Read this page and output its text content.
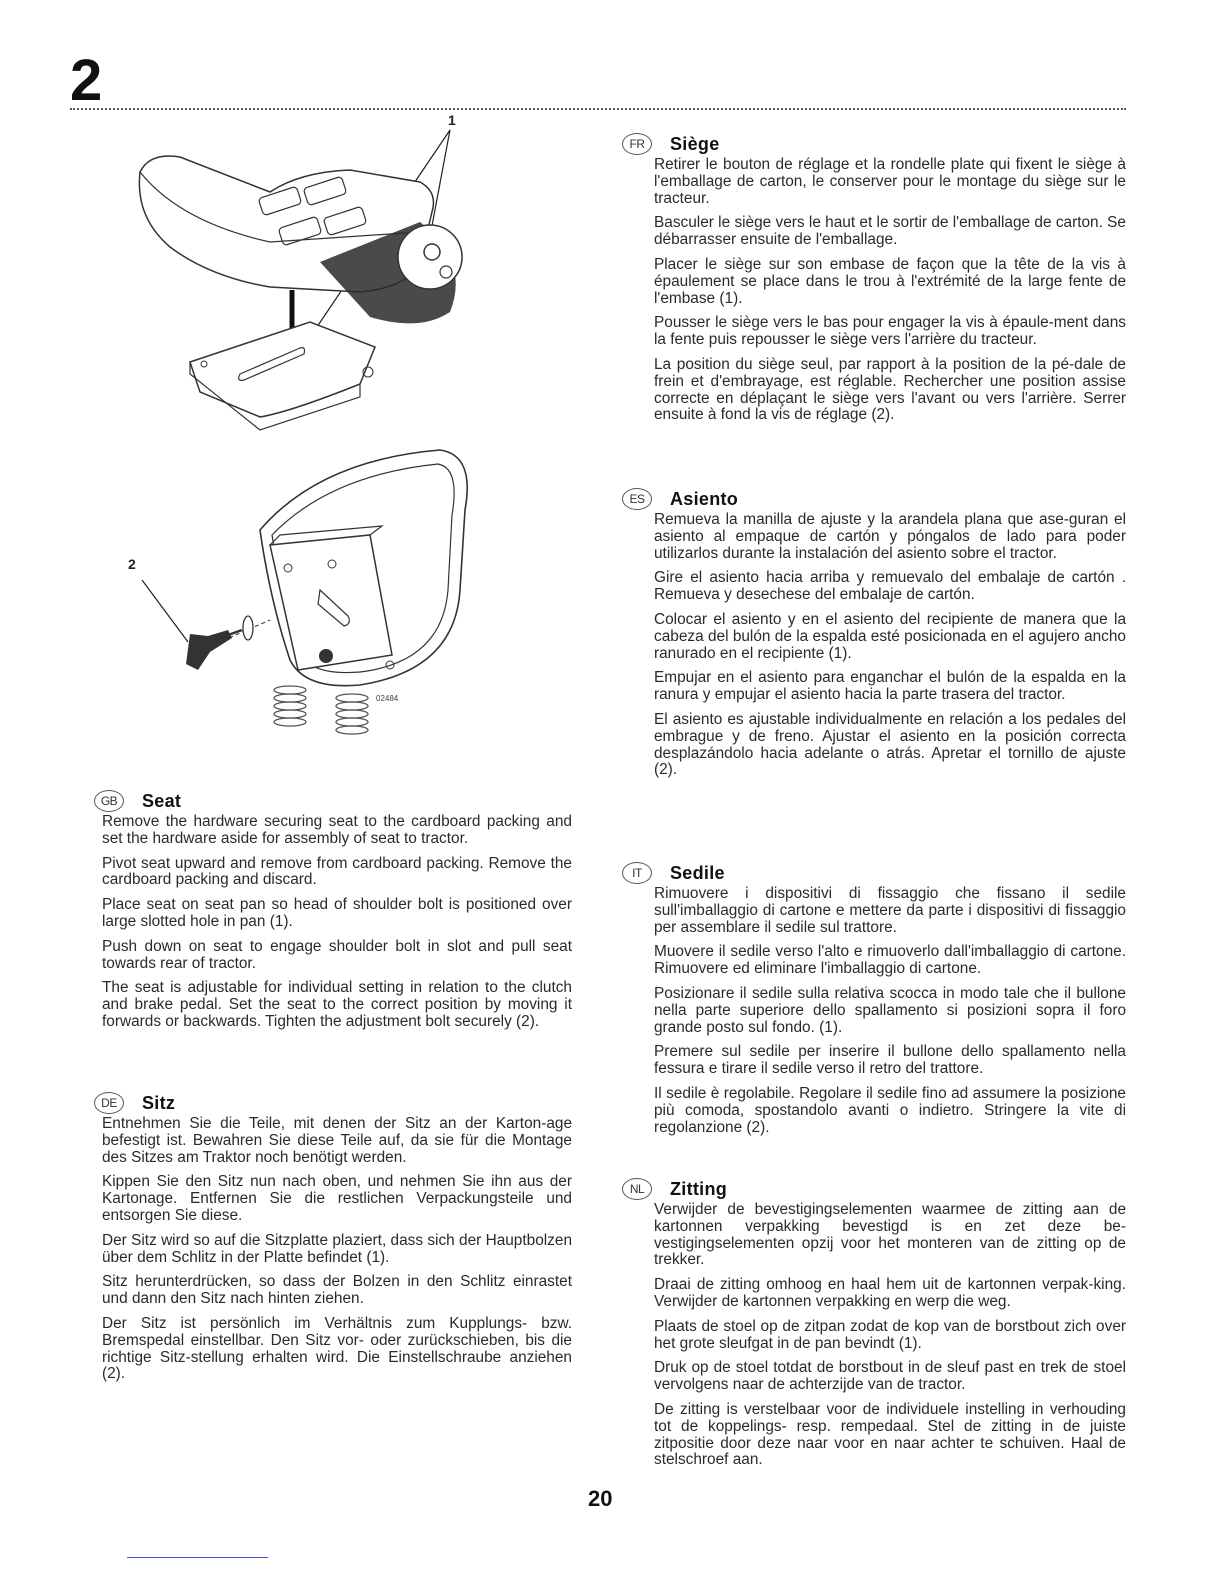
2
1
2
02484
GB	Seat

Remove the hardware securing seat to the cardboard packing and set the hardware aside for assembly of seat to tractor.

Pivot seat upward and remove from cardboard packing. Remove the cardboard packing and discard.

Place seat on seat pan so head of shoulder bolt is positioned over large slotted hole in pan (1).

Push down on seat to engage shoulder bolt in slot and pull seat towards rear of tractor.

The seat is adjustable for individual setting in relation to the clutch and brake pedal. Set the seat to the correct position by moving it forwards or backwards. Tighten the adjustment bolt securely (2).

DE	Sitz

Entnehmen Sie die Teile, mit denen der Sitz an der Karton-age befestigt ist. Bewahren Sie diese Teile auf, da sie für die Montage des Sitzes am Traktor noch benötigt werden.

Kippen Sie den Sitz nun nach oben, und nehmen Sie ihn aus der Kartonage. Entfernen Sie die restlichen Verpackungsteile und entsorgen Sie diese.

Der Sitz wird so auf die Sitzplatte plaziert, dass sich der Hauptbolzen über dem Schlitz in der Platte befindet (1).

Sitz herunterdrücken, so dass der Bolzen in den Schlitz einrastet und dann den Sitz nach hinten ziehen.

Der Sitz ist persönlich im Verhältnis zum Kupplungs- bzw. Bremspedal einstellbar. Den Sitz vor- oder zurückschieben, bis die richtige Sitz-stellung erhalten wird. Die Einstellschraube anziehen (2).

FR	Siège

Retirer le bouton de réglage et la rondelle plate qui fixent le siège à l'emballage de carton, le conserver pour le montage du siège sur le tracteur.

Basculer le siège vers le haut et le sortir de l'emballage de carton. Se débarrasser ensuite de l'emballage.

Placer le siège sur son embase de façon que la tête de la vis à épaulement se place dans le trou à l'extrémité de la large fente de l'embase (1).

Pousser le siège vers le bas pour engager la vis à épaule-ment dans la fente puis repousser le siège vers l'arrière du tracteur.

La position du siège seul, par rapport à la position de la pé-dale de frein et d'embrayage, est réglable. Rechercher une position assise correcte en déplaçant le siège vers l'avant ou vers l'arrière. Serrer ensuite à fond la vis de réglage (2).

ES	Asiento

Remueva la manilla de ajuste y la arandela plana que ase-guran el asiento al empaque de cartón y póngalos de lado para poder utilizarlos durante la instalación del asiento sobre el tractor.

Gire el asiento hacia arriba y remuevalo del embalaje de cartón . Remueva y desechese del embalaje de cartón.

Colocar el asiento y en el asiento del recipiente de manera que la cabeza del bulón de la espalda esté posicionada en el agujero ancho ranurado en el recipiente (1).

Empujar en el asiento para enganchar el bulón de la espalda en la ranura y empujar el asiento hacia la parte trasera del tractor.

El asiento es ajustable individualmente en relación a los pedales del embrague y de freno. Ajustar el asiento en la posición correcta desplazándolo hacia adelante o atrás. Apretar el tornillo de ajuste (2).

IT	Sedile

Rimuovere i dispositivi di fissaggio che fissano il sedile sull'imballaggio di cartone e mettere da parte i dispositivi di fissaggio per assemblare il sedile sul trattore.

Muovere il sedile verso l'alto e rimuoverlo dall'imballaggio di cartone. Rimuovere ed eliminare l'imballaggio di cartone.

Posizionare il sedile sulla relativa scocca in modo tale che il bullone nella parte superiore dello spallamento si posizioni sopra il foro grande posto sul fondo. (1).

Premere sul sedile per inserire il bullone dello spallamento nella fessura e tirare il sedile verso il retro del trattore.

Il sedile è regolabile. Regolare il sedile fino ad assumere la posizione più comoda, spostandolo avanti o indietro. Stringere la vite di regolanzione (2).

NL	Zitting

Verwijder de bevestigingselementen waarmee de zitting aan de kartonnen verpakking bevestigd is en zet deze be-vestigingselementen opzij voor het monteren van de zitting op de trekker.

Draai de zitting omhoog en haal hem uit de kartonnen verpak-king. Verwijder de kartonnen verpakking en werp die weg.

Plaats de stoel op de zitpan zodat de kop van de borstbout zich over het grote sleufgat in de pan bevindt (1).

Druk op de stoel totdat de borstbout in de sleuf past en trek de stoel vervolgens naar de achterzijde van de tractor.

De zitting is verstelbaar voor de individuele instelling in verhouding tot de koppelings- resp. rempedaal. Stel de zitting in de juiste zitpositie door deze naar voor en naar achter te schuiven. Haal de stelschroef aan.

20
